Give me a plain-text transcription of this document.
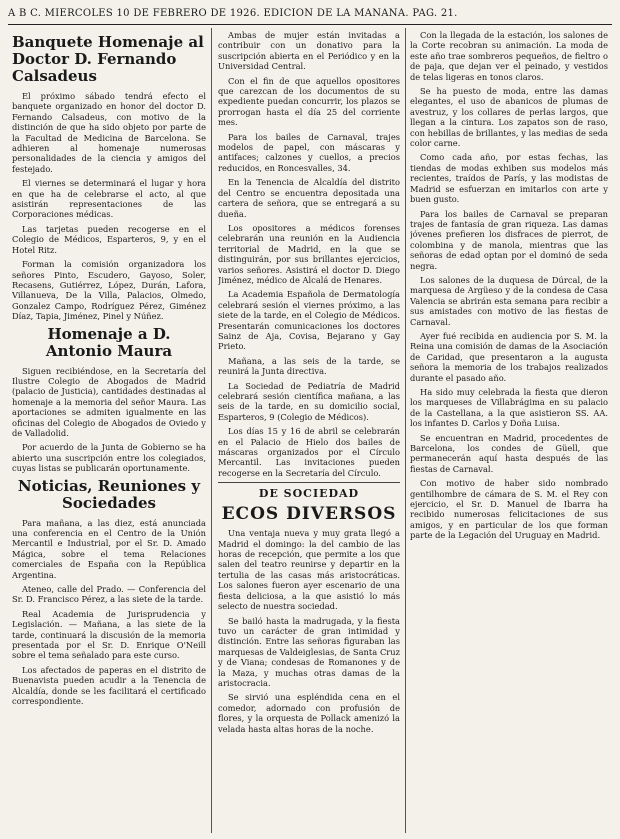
A B C. MIÉRCOLES 10 DE FEBRERO DE 1926. EDICION DE LA MAÑANA. PAG. 21.
Banquete Homenaje al Doctor D. Fernando Calsadeus

El próximo sábado tendrá efecto el banquete organizado en honor del doctor D. Fernando Calsadeus, con motivo de la distinción de que ha sido objeto por parte de la Facultad de Medicina de Barcelona. Se adhieren al homenaje numerosas personalidades de la ciencia y amigos del festejado.

El viernes se determinará el lugar y hora en que ha de celebrarse el acto, al que asistirán representaciones de las Corporaciones médicas.

Las tarjetas pueden recogerse en el Colegio de Médicos, Esparteros, 9, y en el Hotel Ritz.

Forman la comisión organizadora los señores Pinto, Escudero, Gayoso, Soler, Recasens, Gutiérrez, López, Durán, Lafora, Villanueva, De la Villa, Palacios, Olmedo, Gonzalez Campo, Rodríguez Pérez, Giménez Díaz, Tapia, Jiménez, Pinel y Núñez.

Homenaje a D. Antonio Maura

Siguen recibiéndose, en la Secretaría del Ilustre Colegio de Abogados de Madrid (palacio de Justicia), cantidades destinadas al homenaje a la memoria del señor Maura. Las aportaciones se admiten igualmente en las oficinas del Colegio de Abogados de Oviedo y de Valladolid.

Por acuerdo de la Junta de Gobierno se ha abierto una suscripción entre los colegiados, cuyas listas se publicarán oportunamente.

Noticias, Reuniones y Sociedades

Para mañana, a las diez, está anunciada una conferencia en el Centro de la Unión Mercantil e Industrial, por el Sr. D. Amado Mágica, sobre el tema Relaciones comerciales de España con la República Argentina.

Ateneo, calle del Prado. — Conferencia del Sr. D. Francisco Pérez, a las siete de la tarde.

Real Academia de Jurisprudencia y Legislación. — Mañana, a las siete de la tarde, continuará la discusión de la memoria presentada por el Sr. D. Enrique O'Neill sobre el tema señalado para este curso.

Los afectados de paperas en el distrito de Buenavista pueden acudir a la Tenencia de Alcaldía, donde se les facilitará el certificado correspondiente.

Ambas de mujer están invitadas a contribuir con un donativo para la suscripción abierta en el Periódico y en la Universidad Central.

Con el fin de que aquellos opositores que carezcan de los documentos de su expediente puedan concurrir, los plazos se prorrogan hasta el día 25 del corriente mes.

Para los bailes de Carnaval, trajes modelos de papel, con máscaras y antifaces; calzones y cuellos, a precios reducidos, en Roncesvalles, 34.

En la Tenencia de Alcaldía del distrito del Centro se encuentra depositada una cartera de señora, que se entregará a su dueña.

Los opositores a médicos forenses celebrarán una reunión en la Audiencia territorial de Madrid, en la que se distinguirán, por sus brillantes ejercicios, varios señores. Asistirá el doctor D. Diego Jiménez, médico de Alcalá de Henares.

La Academia Española de Dermatología celebrará sesión el viernes próximo, a las siete de la tarde, en el Colegio de Médicos. Presentarán comunicaciones los doctores Sainz de Aja, Covisa, Bejarano y Gay Prieto.

Mañana, a las seis de la tarde, se reunirá la Junta directiva.

La Sociedad de Pediatría de Madrid celebrará sesión científica mañana, a las seis de la tarde, en su domicilio social, Esparteros, 9 (Colegio de Médicos).

Los días 15 y 16 de abril se celebrarán en el Palacio de Hielo dos bailes de máscaras organizados por el Círculo Mercantil. Las invitaciones pueden recogerse en la Secretaría del Círculo.

DE SOCIEDAD
ECOS DIVERSOS

Una ventaja nueva y muy grata llegó a Madrid el domingo: la del cambio de las horas de recepción, que permite a los que salen del teatro reunirse y departir en la tertulia de las casas más aristocráticas. Los salones fueron ayer escenario de una fiesta deliciosa, a la que asistió lo más selecto de nuestra sociedad.

Se bailó hasta la madrugada, y la fiesta tuvo un carácter de gran intimidad y distinción. Entre las señoras figuraban las marquesas de Valdeiglesias, de Santa Cruz y de Viana; condesas de Romanones y de la Maza, y muchas otras damas de la aristocracia.

Se sirvió una espléndida cena en el comedor, adornado con profusión de flores, y la orquesta de Pollack amenizó la velada hasta altas horas de la noche.

Con la llegada de la estación, los salones de la Corte recobran su animación. La moda de este año trae sombreros pequeños, de fieltro o de paja, que dejan ver el peinado, y vestidos de telas ligeras en tonos claros.

Se ha puesto de moda, entre las damas elegantes, el uso de abanicos de plumas de avestruz, y los collares de perlas largos, que llegan a la cintura. Los zapatos son de raso, con hebillas de brillantes, y las medias de seda color carne.

Como cada año, por estas fechas, las tiendas de modas exhiben sus modelos más recientes, traídos de París, y las modistas de Madrid se esfuerzan en imitarlos con arte y buen gusto.

Para los bailes de Carnaval se preparan trajes de fantasía de gran riqueza. Las damas jóvenes prefieren los disfraces de pierrot, de colombina y de manola, mientras que las señoras de edad optan por el dominó de seda negra.

Los salones de la duquesa de Dúrcal, de la marquesa de Argüeso y de la condesa de Casa Valencia se abrirán esta semana para recibir a sus amistades con motivo de las fiestas de Carnaval.

Ayer fué recibida en audiencia por S. M. la Reina una comisión de damas de la Asociación de Caridad, que presentaron a la augusta señora la memoria de los trabajos realizados durante el pasado año.

Ha sido muy celebrada la fiesta que dieron los marqueses de Villabrágima en su palacio de la Castellana, a la que asistieron SS. AA. los infantes D. Carlos y Doña Luisa.

Se encuentran en Madrid, procedentes de Barcelona, los condes de Güell, que permanecerán aquí hasta después de las fiestas de Carnaval.

Con motivo de haber sido nombrado gentilhombre de cámara de S. M. el Rey con ejercicio, el Sr. D. Manuel de Ibarra ha recibido numerosas felicitaciones de sus amigos, y en particular de los que forman parte de la Legación del Uruguay en Madrid.
